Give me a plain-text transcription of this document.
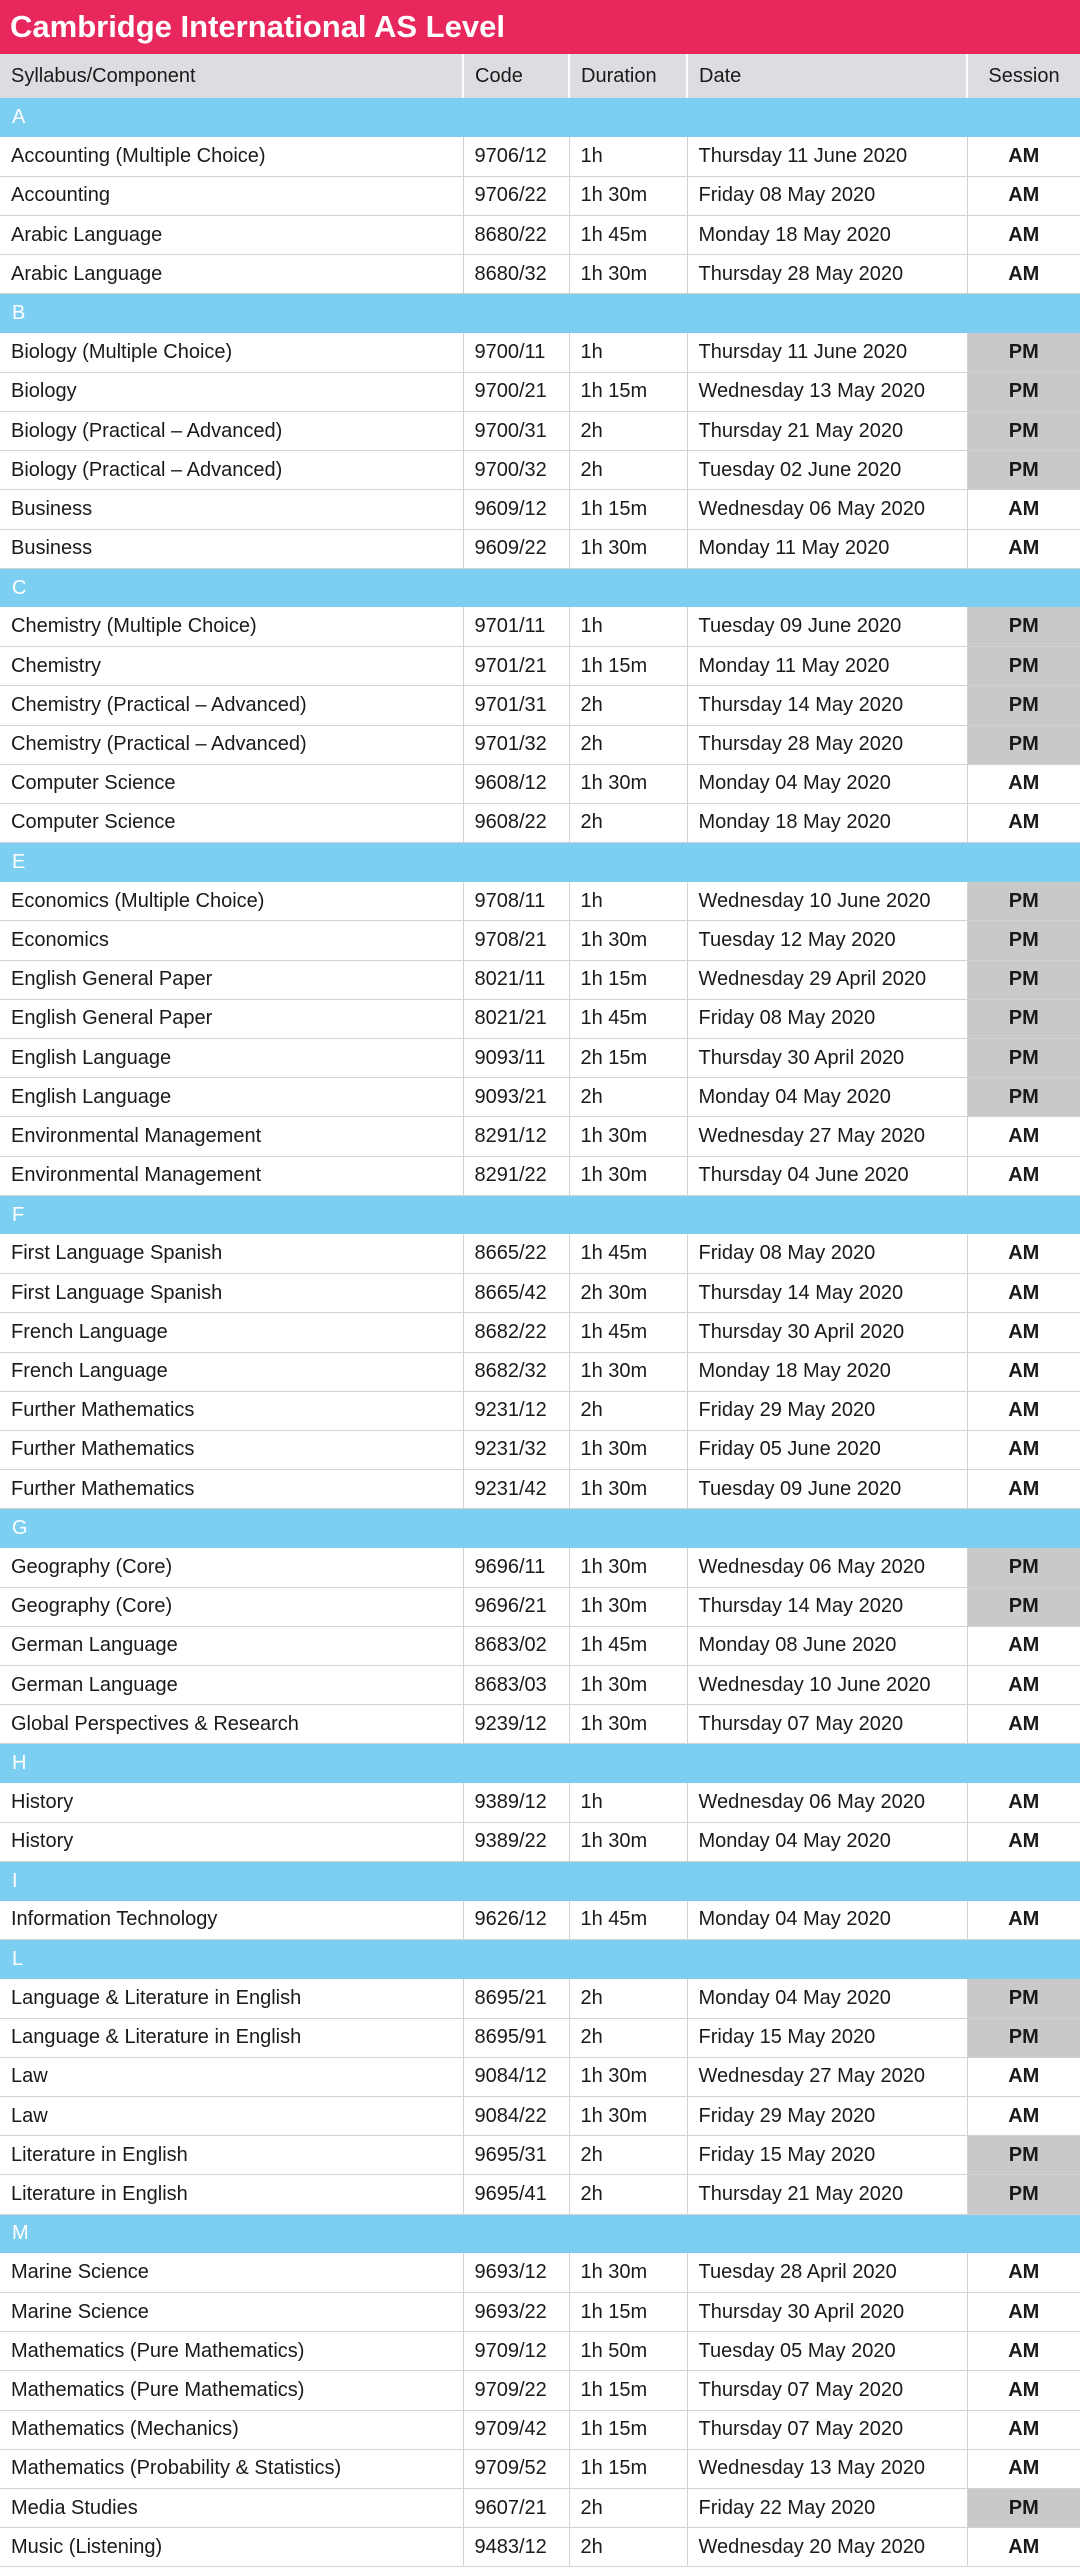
Cambridge International AS Level
Syllabus/Component	Code	Duration	Date	Session
A				
Accounting (Multiple Choice)	9706/12	1h	Thursday 11 June 2020	AM
Accounting	9706/22	1h 30m	Friday 08 May 2020	AM
Arabic Language	8680/22	1h 45m	Monday 18 May 2020	AM
Arabic Language	8680/32	1h 30m	Thursday 28 May 2020	AM
B				
Biology (Multiple Choice)	9700/11	1h	Thursday 11 June 2020	PM
Biology	9700/21	1h 15m	Wednesday 13 May 2020	PM
Biology (Practical – Advanced)	9700/31	2h	Thursday 21 May 2020	PM
Biology (Practical – Advanced)	9700/32	2h	Tuesday 02 June 2020	PM
Business	9609/12	1h 15m	Wednesday 06 May 2020	AM
Business	9609/22	1h 30m	Monday 11 May 2020	AM
C				
Chemistry (Multiple Choice)	9701/11	1h	Tuesday 09 June 2020	PM
Chemistry	9701/21	1h 15m	Monday 11 May 2020	PM
Chemistry (Practical – Advanced)	9701/31	2h	Thursday 14 May 2020	PM
Chemistry (Practical – Advanced)	9701/32	2h	Thursday 28 May 2020	PM
Computer Science	9608/12	1h 30m	Monday 04 May 2020	AM
Computer Science	9608/22	2h	Monday 18 May 2020	AM
E				
Economics (Multiple Choice)	9708/11	1h	Wednesday 10 June 2020	PM
Economics	9708/21	1h 30m	Tuesday 12 May 2020	PM
English General Paper	8021/11	1h 15m	Wednesday 29 April 2020	PM
English General Paper	8021/21	1h 45m	Friday 08 May 2020	PM
English Language	9093/11	2h 15m	Thursday 30 April 2020	PM
English Language	9093/21	2h	Monday 04 May 2020	PM
Environmental Management	8291/12	1h 30m	Wednesday 27 May 2020	AM
Environmental Management	8291/22	1h 30m	Thursday 04 June 2020	AM
F				
First Language Spanish	8665/22	1h 45m	Friday 08 May 2020	AM
First Language Spanish	8665/42	2h 30m	Thursday 14 May 2020	AM
French Language	8682/22	1h 45m	Thursday 30 April 2020	AM
French Language	8682/32	1h 30m	Monday 18 May 2020	AM
Further Mathematics	9231/12	2h	Friday 29 May 2020	AM
Further Mathematics	9231/32	1h 30m	Friday 05 June 2020	AM
Further Mathematics	9231/42	1h 30m	Tuesday 09 June 2020	AM
G				
Geography (Core)	9696/11	1h 30m	Wednesday 06 May 2020	PM
Geography (Core)	9696/21	1h 30m	Thursday 14 May 2020	PM
German Language	8683/02	1h 45m	Monday 08 June 2020	AM
German Language	8683/03	1h 30m	Wednesday 10 June 2020	AM
Global Perspectives & Research	9239/12	1h 30m	Thursday 07 May 2020	AM
H				
History	9389/12	1h	Wednesday 06 May 2020	AM
History	9389/22	1h 30m	Monday 04 May 2020	AM
I				
Information Technology	9626/12	1h 45m	Monday 04 May 2020	AM
L				
Language & Literature in English	8695/21	2h	Monday 04 May 2020	PM
Language & Literature in English	8695/91	2h	Friday 15 May 2020	PM
Law	9084/12	1h 30m	Wednesday 27 May 2020	AM
Law	9084/22	1h 30m	Friday 29 May 2020	AM
Literature in English	9695/31	2h	Friday 15 May 2020	PM
Literature in English	9695/41	2h	Thursday 21 May 2020	PM
M				
Marine Science	9693/12	1h 30m	Tuesday 28 April 2020	AM
Marine Science	9693/22	1h 15m	Thursday 30 April 2020	AM
Mathematics (Pure Mathematics)	9709/12	1h 50m	Tuesday 05 May 2020	AM
Mathematics (Pure Mathematics)	9709/22	1h 15m	Thursday 07 May 2020	AM
Mathematics (Mechanics)	9709/42	1h 15m	Thursday 07 May 2020	AM
Mathematics (Probability & Statistics)	9709/52	1h 15m	Wednesday 13 May 2020	AM
Media Studies	9607/21	2h	Friday 22 May 2020	PM
Music (Listening)	9483/12	2h	Wednesday 20 May 2020	AM
